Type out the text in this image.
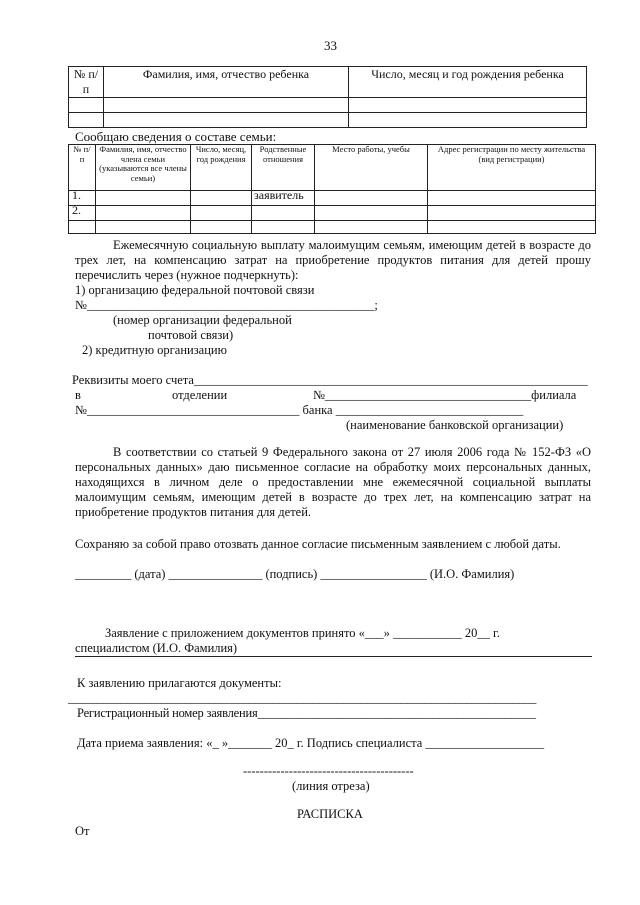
33
№ п/п	Фамилия, имя, отчество ребенка	Число, месяц и год рождения ребенка

Сообщаю сведения о составе семьи:
№ п/ п	Фамилия, имя, отчество члена семьи (указываются все члены семьи)	Число, месяц, год рождения	Родственные отношения	Место работы, учебы	Адрес регистрации по месту жительства (вид регистрации)
1.			заявитель		
2.					

Ежемесячную социальную выплату малоимущим семьям, имеющим детей в возрасте до трех лет, на компенсацию затрат на приобретение продуктов питания для детей прошу перечислить через (нужное подчеркнуть):
1) организацию федеральной почтовой связи
№______________________________________________;
(номер организации федеральной
почтовой связи)
2) кредитную организацию
Реквизиты моего счета_______________________________________________________________
в	отделении	№_________________________________филиала
№__________________________________ банка ______________________________
(наименование банковской организации)
В соответствии со статьей 9 Федерального закона от 27 июля 2006 года № 152-ФЗ «О персональных данных» даю письменное согласие на обработку моих персональных данных, находящихся в личном деле о предоставлении мне ежемесячной социальной выплаты малоимущим семьям, имеющим детей в возрасте до трех лет, на компенсацию затрат на приобретение продуктов питания для детей.
Сохраняю за собой право отозвать данное согласие письменным заявлением с любой даты.
_________ (дата) _______________ (подпись) _________________ (И.О. Фамилия)
Заявление с приложением документов принято «___» ___________ 20__ г.
специалистом (И.О. Фамилия)
К заявлению прилагаются документы:
________________________________________________________________________________
Регистрационный номер заявления______________________________________________
Дата приема заявления: «_ »_______ 20_ г. Подпись специалиста ___________________
-----------------------------------------
(линия отреза)
РАСПИСКА
От
